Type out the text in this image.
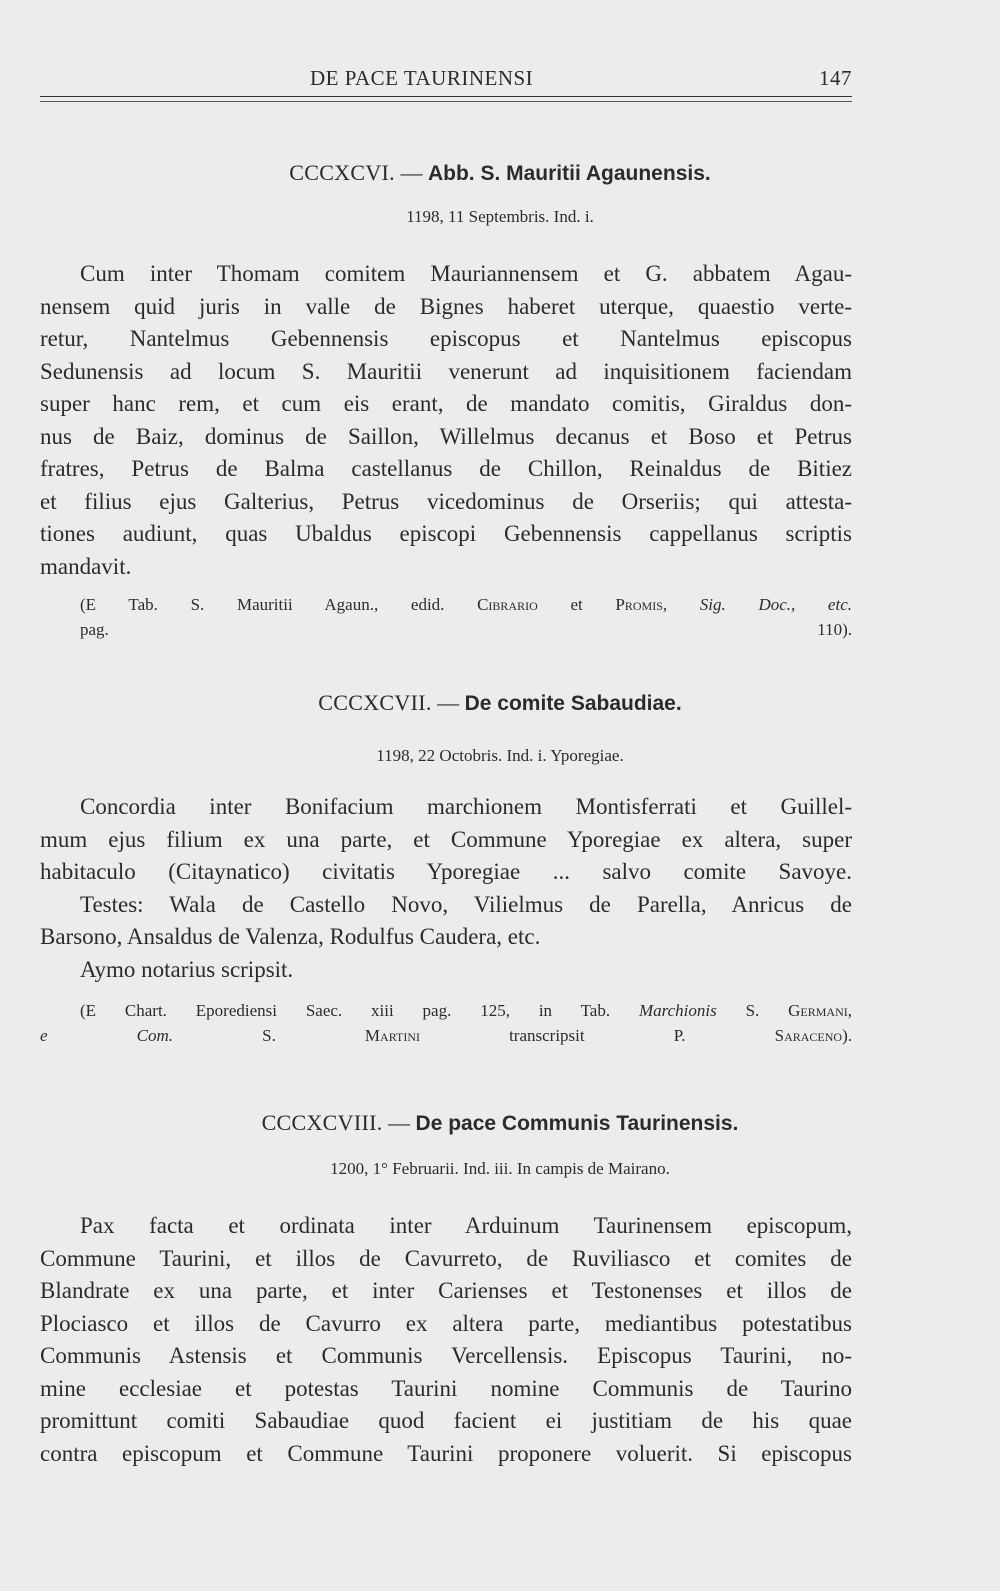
DE PACE TAURINENSI	147
CCCXCVI. — Abb. S. Mauritii Agaunensis.
1198, 11 Septembris. Ind. i.
Cum inter Thomam comitem Mauriannensem et G. abbatem Agau-
nensem quid juris in valle de Bignes haberet uterque, quaestio verte-
retur, Nantelmus Gebennensis episcopus et Nantelmus episcopus
Sedunensis ad locum S. Mauritii venerunt ad inquisitionem faciendam
super hanc rem, et cum eis erant, de mandato comitis, Giraldus don-
nus de Baiz, dominus de Saillon, Willelmus decanus et Boso et Petrus
fratres, Petrus de Balma castellanus de Chillon, Reinaldus de Bitiez
et filius ejus Galterius, Petrus vicedominus de Orseriis; qui attesta-
tiones audiunt, quas Ubaldus episcopi Gebennensis cappellanus scriptis
mandavit.
(E Tab. S. Mauritii Agaun., edid. Cibrario et Promis, Sig. Doc., etc.
pag. 110).
CCCXCVII. — De comite Sabaudiae.
1198, 22 Octobris. Ind. i. Yporegiae.
Concordia inter Bonifacium marchionem Montisferrati et Guillel-
mum ejus filium ex una parte, et Commune Yporegiae ex altera, super
habitaculo (Citaynatico) civitatis Yporegiae ... salvo comite Savoye.
Testes: Wala de Castello Novo, Vilielmus de Parella, Anricus de
Barsono, Ansaldus de Valenza, Rodulfus Caudera, etc.
Aymo notarius scripsit.
(E Chart. Eporediensi Saec. xiii pag. 125, in Tab. Marchionis S. Germani,
e Com.	S.	Martini	transcripsit P.	Saraceno).
CCCXCVIII. — De pace Communis Taurinensis.
1200, 1° Februarii. Ind. iii. In campis de Mairano.
Pax facta et ordinata inter Arduinum Taurinensem episcopum,
Commune Taurini, et illos de Cavurreto, de Ruviliasco et comites de
Blandrate ex una parte, et inter Carienses et Testonenses et illos de
Plociasco et illos de Cavurro ex altera parte, mediantibus potestatibus
Communis Astensis et Communis Vercellensis. Episcopus Taurini, no-
mine ecclesiae et potestas Taurini nomine Communis de Taurino
promittunt comiti Sabaudiae quod facient ei justitiam de his quae
contra episcopum et Commune Taurini proponere voluerit. Si episcopus
